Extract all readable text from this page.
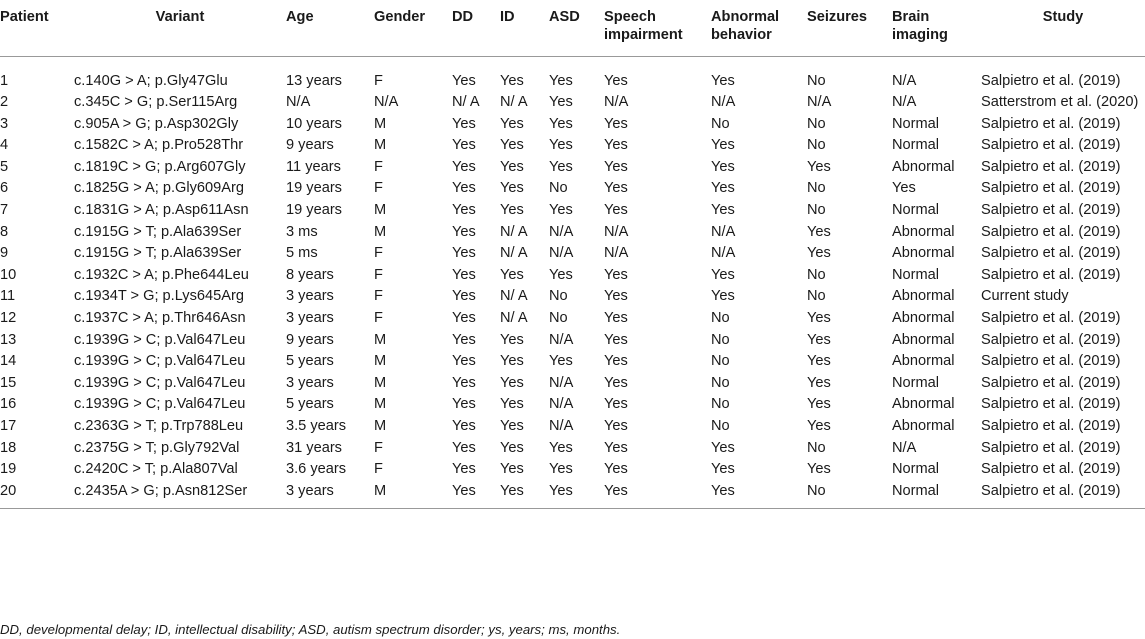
Patient	Variant	Age	Gender	DD	ID	ASD	Speech impairment	Abnormal behavior	Seizures	Brain imaging	Study
1	c.140G > A; p.Gly47Glu	13 years	F	Yes	Yes	Yes	Yes	Yes	No	N/A	Salpietro et al. (2019)
2	c.345C > G; p.Ser115Arg	N/A	N/A	N/ A	N/ A	Yes	N/A	N/A	N/A	N/A	Satterstrom et al. (2020)
3	c.905A > G; p.Asp302Gly	10 years	M	Yes	Yes	Yes	Yes	No	No	Normal	Salpietro et al. (2019)
4	c.1582C > A; p.Pro528Thr	9 years	M	Yes	Yes	Yes	Yes	Yes	No	Normal	Salpietro et al. (2019)
5	c.1819C > G; p.Arg607Gly	11 years	F	Yes	Yes	Yes	Yes	Yes	Yes	Abnormal	Salpietro et al. (2019)
6	c.1825G > A; p.Gly609Arg	19 years	F	Yes	Yes	No	Yes	Yes	No	Yes	Salpietro et al. (2019)
7	c.1831G > A; p.Asp611Asn	19 years	M	Yes	Yes	Yes	Yes	Yes	No	Normal	Salpietro et al. (2019)
8	c.1915G > T; p.Ala639Ser	3 ms	M	Yes	N/ A	N/A	N/A	N/A	Yes	Abnormal	Salpietro et al. (2019)
9	c.1915G > T; p.Ala639Ser	5 ms	F	Yes	N/ A	N/A	N/A	N/A	Yes	Abnormal	Salpietro et al. (2019)
10	c.1932C > A; p.Phe644Leu	8 years	F	Yes	Yes	Yes	Yes	Yes	No	Normal	Salpietro et al. (2019)
11	c.1934T > G; p.Lys645Arg	3 years	F	Yes	N/ A	No	Yes	Yes	No	Abnormal	Current study
12	c.1937C > A; p.Thr646Asn	3 years	F	Yes	N/ A	No	Yes	No	Yes	Abnormal	Salpietro et al. (2019)
13	c.1939G > C; p.Val647Leu	9 years	M	Yes	Yes	N/A	Yes	No	Yes	Abnormal	Salpietro et al. (2019)
14	c.1939G > C; p.Val647Leu	5 years	M	Yes	Yes	Yes	Yes	No	Yes	Abnormal	Salpietro et al. (2019)
15	c.1939G > C; p.Val647Leu	3 years	M	Yes	Yes	N/A	Yes	No	Yes	Normal	Salpietro et al. (2019)
16	c.1939G > C; p.Val647Leu	5 years	M	Yes	Yes	N/A	Yes	No	Yes	Abnormal	Salpietro et al. (2019)
17	c.2363G > T; p.Trp788Leu	3.5 years	M	Yes	Yes	N/A	Yes	No	Yes	Abnormal	Salpietro et al. (2019)
18	c.2375G > T; p.Gly792Val	31 years	F	Yes	Yes	Yes	Yes	Yes	No	N/A	Salpietro et al. (2019)
19	c.2420C > T; p.Ala807Val	3.6 years	F	Yes	Yes	Yes	Yes	Yes	Yes	Normal	Salpietro et al. (2019)
20	c.2435A > G; p.Asn812Ser	3 years	M	Yes	Yes	Yes	Yes	Yes	No	Normal	Salpietro et al. (2019)
DD, developmental delay; ID, intellectual disability; ASD, autism spectrum disorder; ys, years; ms, months.
